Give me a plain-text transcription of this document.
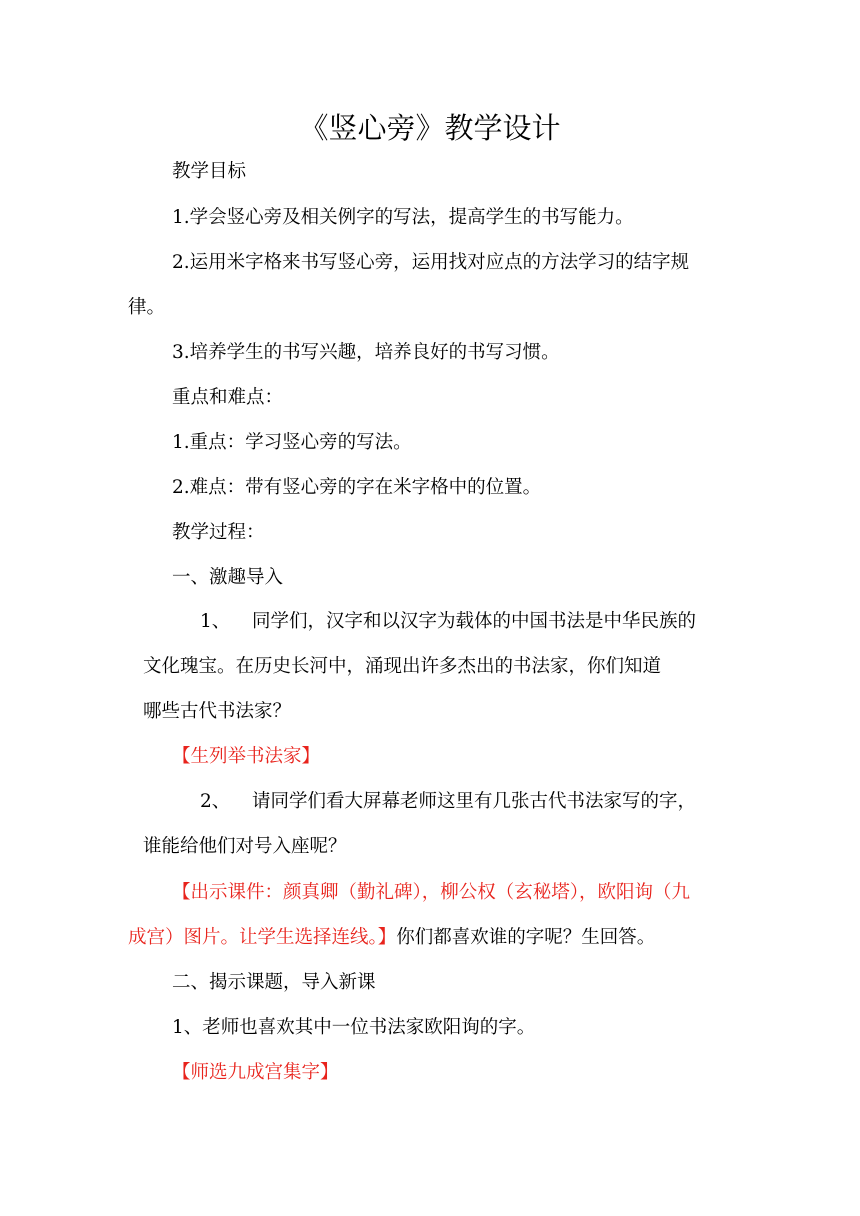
《竖心旁》教学设计
教学目标
1.学会竖心旁及相关例字的写法，提高学生的书写能力。
2.运用米字格来书写竖心旁，运用找对应点的方法学习的结字规
律。
3.培养学生的书写兴趣，培养良好的书写习惯。
重点和难点：
1.重点：学习竖心旁的写法。
2.难点：带有竖心旁的字在米字格中的位置。
教学过程：
一、激趣导入
1、 同学们，汉字和以汉字为载体的中国书法是中华民族的
文化瑰宝。在历史长河中，涌现出许多杰出的书法家，你们知道
哪些古代书法家？
【生列举书法家】
2、 请同学们看大屏幕老师这里有几张古代书法家写的字，
谁能给他们对号入座呢？
【出示课件：颜真卿（勤礼碑），柳公权（玄秘塔），欧阳询（九
成宫）图片。让学生选择连线。】你们都喜欢谁的字呢？生回答。
二、揭示课题，导入新课
1、老师也喜欢其中一位书法家欧阳询的字。
【师选九成宫集字】
